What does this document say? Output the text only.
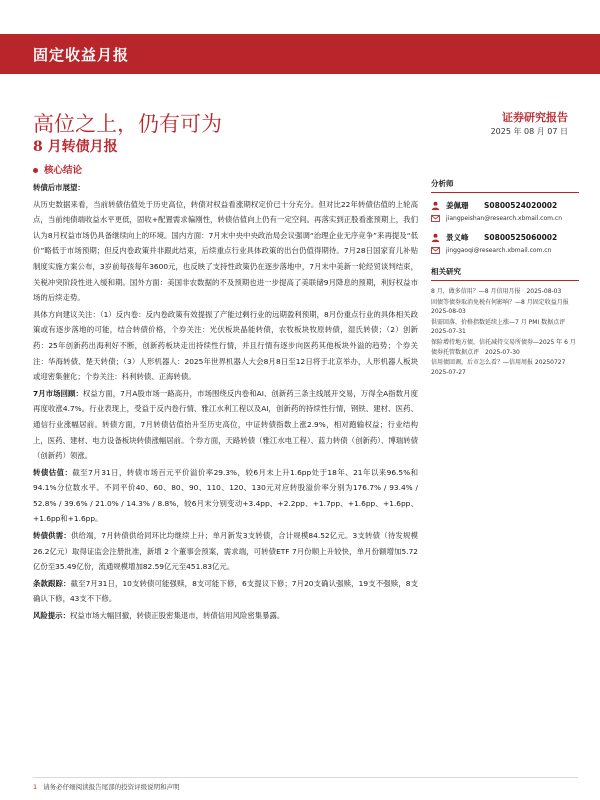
固定收益月报
高位之上，仍有可为
8 月转债月报
证券研究报告
2025 年 08 月 07 日
核心结论

转债后市展望：

从历史数据来看，当前转债估值处于历史高位，转债对权益看涨期权定价已十分充分。但对比22年转债估值的上轮高点，当前纯债端收益水平更低，固收+配置需求偏刚性，转债估值向上仍有一定空间。再落实到正股看涨预期上，我们认为8月权益市场仍具备继续向上的环境。国内方面：7月末中央中央政治局会议强调“治理企业无序竞争”来再提及“低价”略低于市场预期；但反内卷政策并非跟此结束，后续重点行业具体政策的出台仍值得期待。7月28日国家育儿补贴制度实施方案公布，3岁前每孩每年3600元，也反映了支持性政策仍在逐步落地中，7月末中美新一轮经贸谈判结束，关税冲突阶段性进入缓和期。国外方面：美国非农数据的不及预期也进一步提高了美联储9月降息的预期，利好权益市场的后续走势。

具体方向建议关注：（1）反内卷：反内卷政策有效提振了产能过剩行业的远期盈利预期，8月份重点行业的具体相关政策或有逐步落地的可能，结合转债价格，个券关注：光伏板块晶能转债，农牧板块牧原转债，湿氏转债；（2）创新药：25年创新药出海利好不断，创新药板块走出持续性行情，并且行情有逐步向医药其他板块外溢的趋势；个券关注：华海转债、楚天转债；（3）人形机器人：2025年世界机器人大会8月8日至12日将于北京举办，人形机器人板块或迎密集催化；个券关注：科利转债、正海转债。

7月市场回顾：权益方面，7月A股市场一路高升，市场围绕反内卷和AI、创新药三条主线展开交易，万得全A指数月度再度收涨4.7%。行业表现上，受益于反内卷行情、雅江水利工程以及AI，创新药的持续性行情，钢铁、建材、医药、通信行业涨幅居前。转债方面，7月转债估值抬升至历史高位，中证转债指数上涨2.9%，相对跑输权益；行业结构上，医药、建材、电力设备板块转债涨幅居前。个券方面，天路转债（雅江水电工程）、蓝力转债（创新药）、博瑞转债（创新药）领涨。

转债估值：截至7月31日，转债市场百元平价溢价率29.3%，较6月末上升1.6pp处于18年、21年以来96.5%和94.1%分位数水平。不同平价40、60、80、90、110、120、130元对应转股溢价率分别为176.7% / 93.4% / 52.8% / 39.6% / 21.0% / 14.3% / 8.8%，较6月末分别变动+3.4pp、+2.2pp、+1.7pp、+1.6pp、+1.6pp、+1.6pp和+1.6pp。

转债供需：供给端，7月转债供给同环比均继续上升；单月新发3支转债，合计规模84.52亿元。3支转债（待发规模26.2亿元）取得证监会注册批准，新增 2 个董事会预案，需求端，可转债ETF 7月份顺上升较快，单月份额增加5.72亿份至35.49亿份，流通规模增加82.59亿元至451.83亿元。

条款跟踪：截至7月31日，10支转债可能强赎，8支可能下修，6支提议下修；7月20支确认强赎，19支不强赎，8支确认下修，43支不下修。

风险提示：权益市场大幅回撤，转债正股密集退市，转债信用风险密集暴露。

分析师
姜佩珊	S0800524020002
jiangpeishan@research.xbmail.com.cn
景义峰	S0800525060002
jinggaoqi@research.xbmail.com.cn
相关研究
8 月，做多信用？—8 月信用月报　2025-08-03
固债等债券取消免税有何影响？—8 月固定收益月报　2025-08-03
供需回落，价格指数延续上涨—7 月 PMI 数据点评　2025-07-31
保险增持地方债，信托减持交易所债券—2025 年 6 月债券托管数据点评　2025-07-30
信用债回调，后市怎么看？—信用周报 20250727　2025-07-27
1 请务必仔细阅读报告尾部的投资评级说明和声明
